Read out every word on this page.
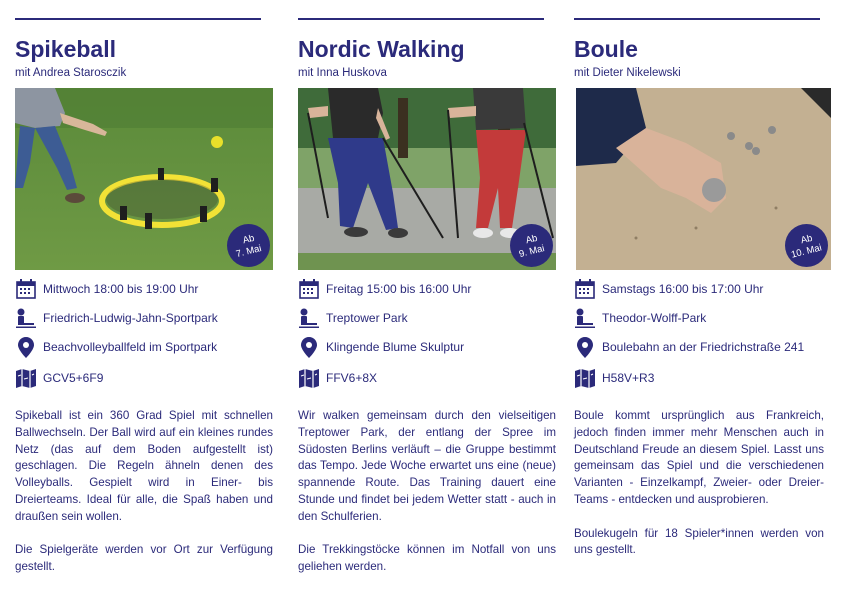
Spikeball
mit Andrea Starosczik
Ab
7. Mai
Mittwoch 18:00 bis 19:00 Uhr
Friedrich-Ludwig-Jahn-Sportpark
Beachvolleyballfeld im Sportpark
GCV5+6F9

Spikeball ist ein 360 Grad Spiel mit schnellen Ballwechseln. Der Ball wird auf ein kleines rundes Netz (das auf dem Boden aufgestellt ist) geschlagen. Die Regeln ähneln denen des Volleyballs. Gespielt wird in Einer- bis Dreierteams. Ideal für alle, die Spaß haben und draußen sein wollen.

Die Spielgeräte werden vor Ort zur Verfügung gestellt.

Nordic Walking
mit Inna Huskova
Ab
9. Mai
Freitag 15:00 bis 16:00 Uhr
Treptower Park
Klingende Blume Skulptur
FFV6+8X

Wir walken gemeinsam durch den vielseitigen Treptower Park, der entlang der Spree im Südosten Berlins verläuft – die Gruppe bestimmt das Tempo. Jede Woche erwartet uns eine (neue) spannende Route. Das Training dauert eine Stunde und findet bei jedem Wetter statt - auch in den Schulferien.

Die Trekkingstöcke können im Notfall von uns geliehen werden.

Boule
mit Dieter Nikelewski
Ab
10. Mai
Samstags 16:00 bis 17:00 Uhr
Theodor-Wolff-Park
Boulebahn an der Friedrichstraße 241
H58V+R3

Boule kommt ursprünglich aus Frankreich, jedoch finden immer mehr Menschen auch in Deutschland Freude an diesem Spiel. Lasst uns gemeinsam das Spiel und die verschiedenen Varianten - Einzelkampf, Zweier- oder Dreier-Teams - entdecken und ausprobieren.

Boulekugeln für 18 Spieler*innen werden von uns gestellt.
